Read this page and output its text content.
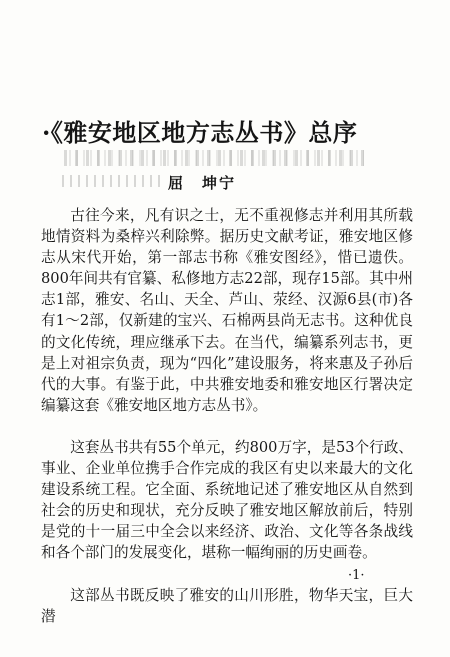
·《雅安地区地方志丛书》总序
屈　坤宁

古往今来，凡有识之士，无不重视修志并利用其所载地情资料为桑梓兴利除弊。据历史文献考证，雅安地区修志从宋代开始，第一部志书称《雅安图经》，惜已遗佚。800年间共有官纂、私修地方志22部，现存15部。其中州志1部，雅安、名山、天全、芦山、荥经、汉源6县(市)各有1～2部，仅新建的宝兴、石棉两县尚无志书。这种优良的文化传统，理应继承下去。在当代，编纂系列志书，更是上对祖宗负责，现为“四化”建设服务，将来惠及子孙后代的大事。有鉴于此，中共雅安地委和雅安地区行署决定编纂这套《雅安地区地方志丛书》。

这套丛书共有55个单元，约800万字，是53个行政、事业、企业单位携手合作完成的我区有史以来最大的文化建设系统工程。它全面、系统地记述了雅安地区从自然到社会的历史和现状，充分反映了雅安地区解放前后，特别是党的十一届三中全会以来经济、政治、文化等各条战线和各个部门的发展变化，堪称一幅绚丽的历史画卷。

这部丛书既反映了雅安的山川形胜，物华天宝，巨大潜

·1·
